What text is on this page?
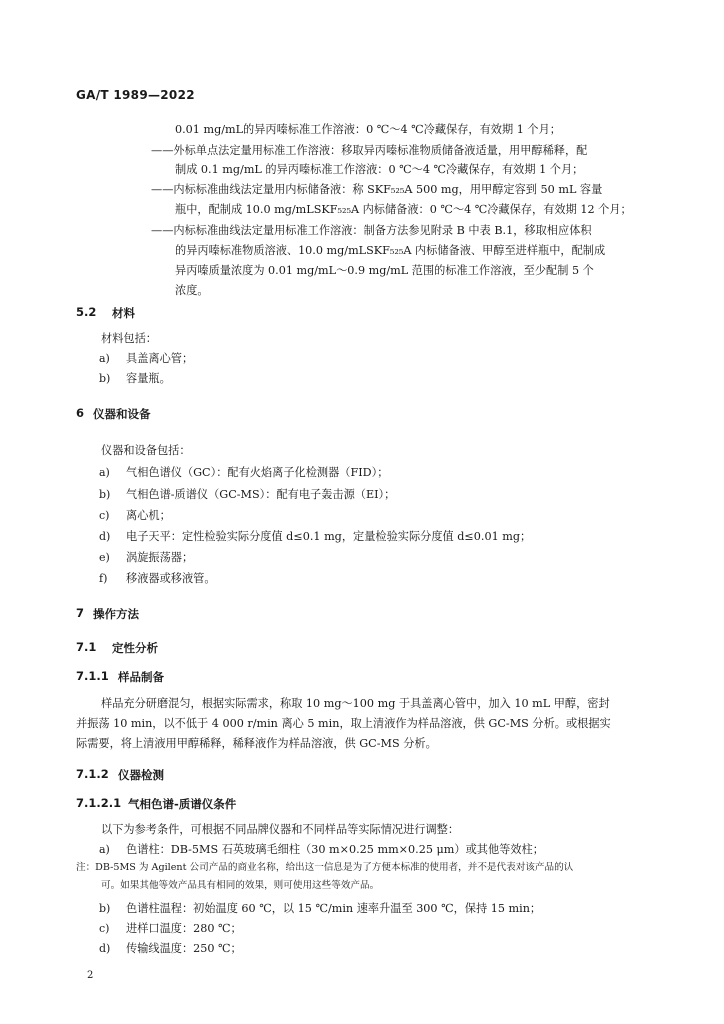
GA/T 1989—2022
0.01 mg/mL的异丙嗪标准工作溶液：0 ℃～4 ℃冷藏保存，有效期 1 个月；
——外标单点法定量用标准工作溶液：移取异丙嗪标准物质储备液适量，用甲醇稀释，配
制成 0.1 mg/mL 的异丙嗪标准工作溶液：0 ℃～4 ℃冷藏保存，有效期 1 个月；
——内标标准曲线法定量用内标储备液：称 SKF₅₂₅A 500 mg，用甲醇定容到 50 mL 容量
瓶中，配制成 10.0 mg/mLSKF₅₂₅A 内标储备液：0 ℃～4 ℃冷藏保存，有效期 12 个月；
——内标标准曲线法定量用标准工作溶液：制备方法参见附录 B 中表 B.1，移取相应体积
的异丙嗪标准物质溶液、10.0 mg/mLSKF₅₂₅A 内标储备液、甲醇至进样瓶中，配制成
异丙嗪质量浓度为 0.01 mg/mL～0.9 mg/mL 范围的标准工作溶液，至少配制 5 个
浓度。
5.2 材料
材料包括：
a) 具盖离心管；
b) 容量瓶。
6 仪器和设备
仪器和设备包括：
a) 气相色谱仪（GC）：配有火焰离子化检测器（FID）；
b) 气相色谱-质谱仪（GC-MS）：配有电子轰击源（EI）；
c) 离心机；
d) 电子天平：定性检验实际分度值 d≤0.1 mg，定量检验实际分度值 d≤0.01 mg；
e) 涡旋振荡器；
f) 移液器或移液管。
7 操作方法
7.1 定性分析
7.1.1 样品制备
样品充分研磨混匀，根据实际需求，称取 10 mg～100 mg 于具盖离心管中，加入 10 mL 甲醇，密封
并振荡 10 min，以不低于 4 000 r/min 离心 5 min，取上清液作为样品溶液，供 GC-MS 分析。或根据实
际需要，将上清液用甲醇稀释，稀释液作为样品溶液，供 GC-MS 分析。
7.1.2 仪器检测
7.1.2.1 气相色谱-质谱仪条件
以下为参考条件，可根据不同品牌仪器和不同样品等实际情况进行调整：
a) 色谱柱：DB-5MS 石英玻璃毛细柱（30 m×0.25 mm×0.25 μm）或其他等效柱；
注：DB-5MS 为 Agilent 公司产品的商业名称，给出这一信息是为了方便本标准的使用者，并不是代表对该产品的认
可。如果其他等效产品具有相同的效果，则可使用这些等效产品。
b) 色谱柱温程：初始温度 60 ℃，以 15 ℃/min 速率升温至 300 ℃，保持 15 min；
c) 进样口温度：280 ℃；
d) 传输线温度：250 ℃；
2
